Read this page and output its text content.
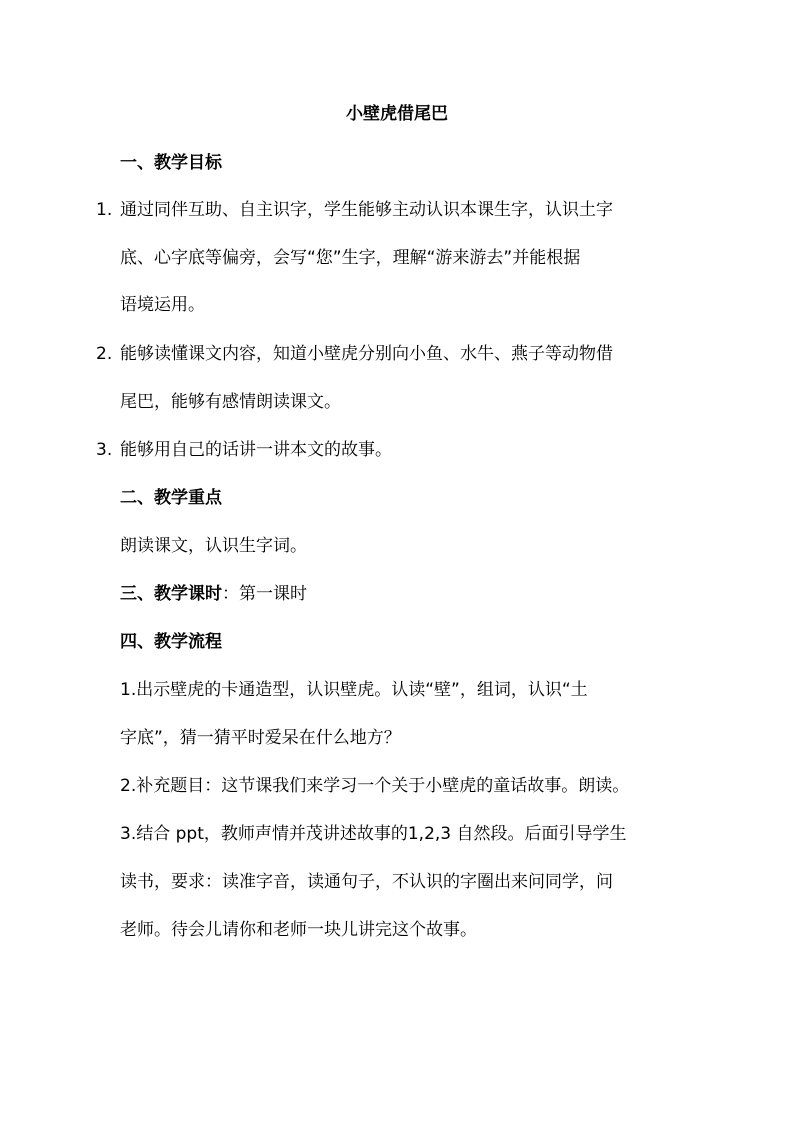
小壁虎借尾巴
一、教学目标
1. 通过同伴互助、自主识字，学生能够主动认识本课生字，认识土字
底、心字底等偏旁，会写“您”生字，理解“游来游去”并能根据
语境运用。
2. 能够读懂课文内容，知道小壁虎分别向小鱼、水牛、燕子等动物借
尾巴，能够有感情朗读课文。
3. 能够用自己的话讲一讲本文的故事。
二、教学重点
朗读课文，认识生字词。
三、教学课时：第一课时
四、教学流程
1.出示壁虎的卡通造型，认识壁虎。认读“壁”，组词，认识“土
字底”，猜一猜平时爱呆在什么地方？
2.补充题目：这节课我们来学习一个关于小壁虎的童话故事。朗读。
3.结合 ppt，教师声情并茂讲述故事的1,2,3 自然段。后面引导学生
读书，要求：读准字音，读通句子，不认识的字圈出来问同学，问
老师。待会儿请你和老师一块儿讲完这个故事。
